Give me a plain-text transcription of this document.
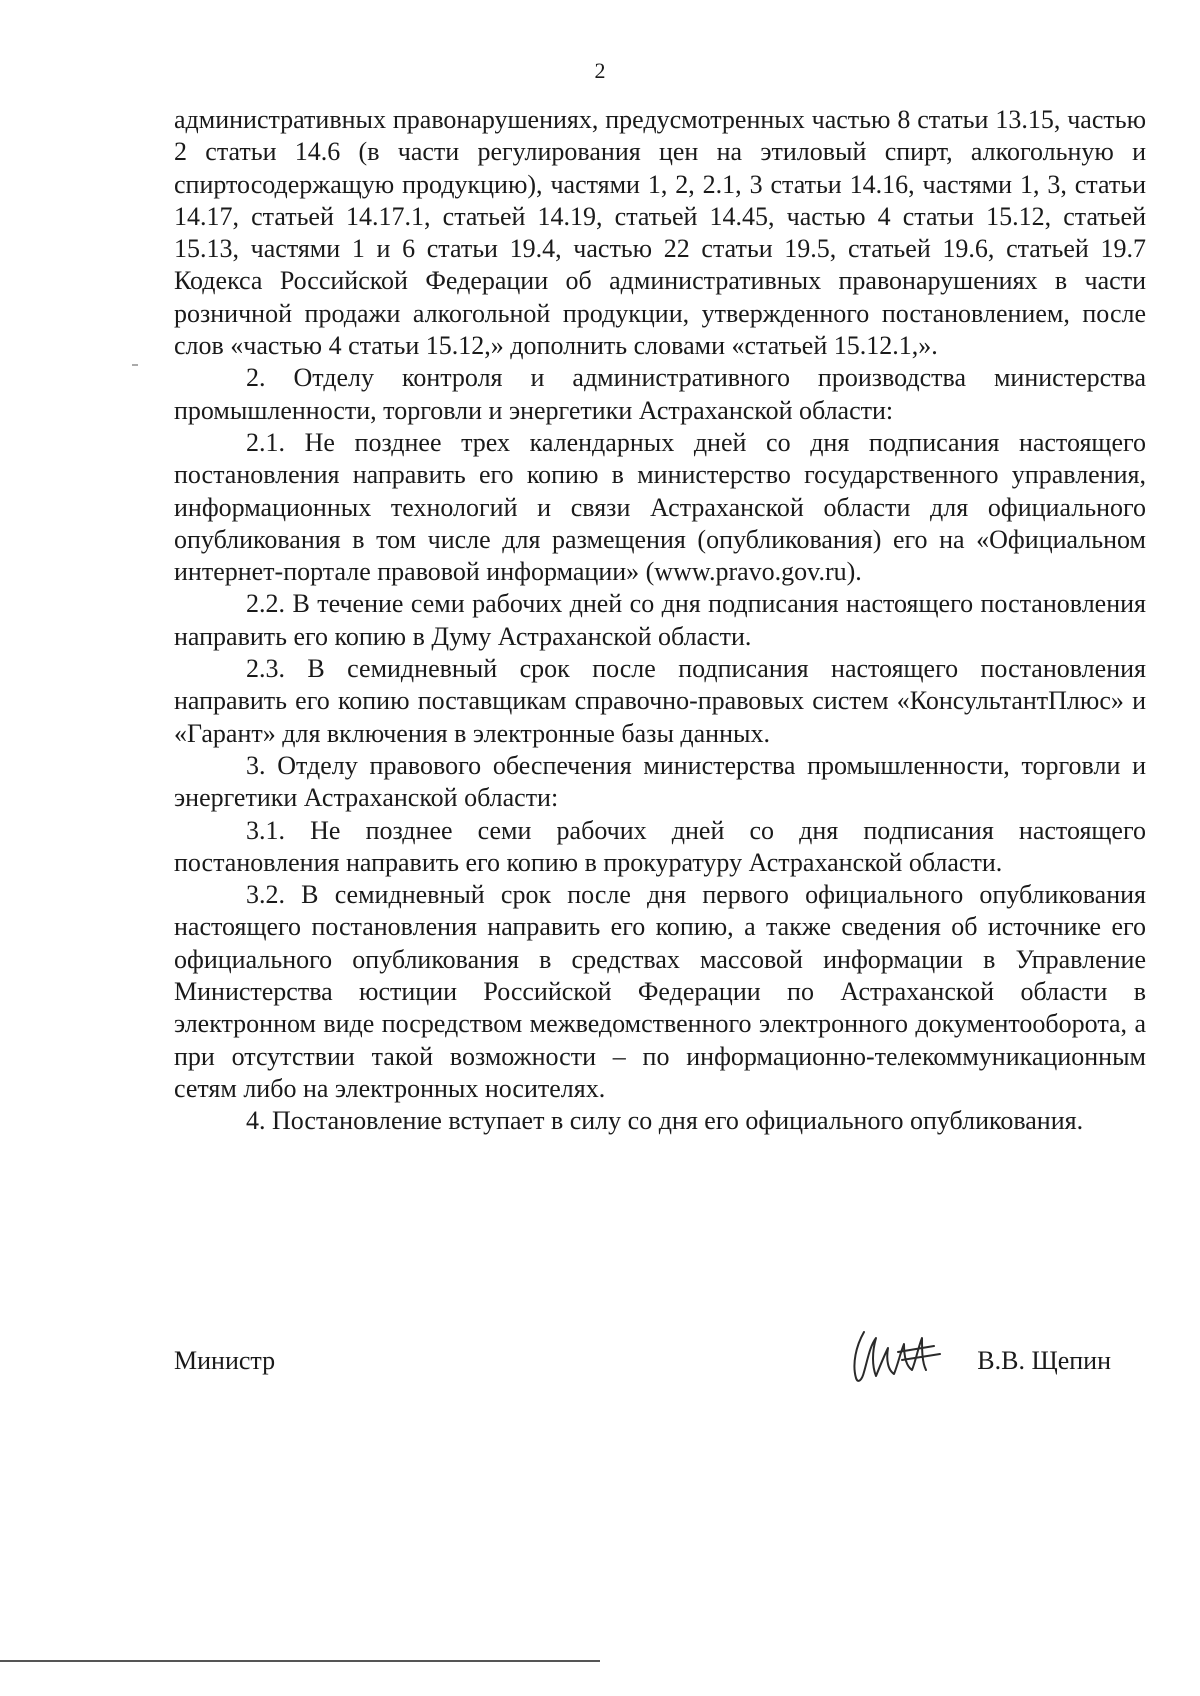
2

административных правонарушениях, предусмотренных частью 8 статьи 13.15, частью 2 статьи 14.6 (в части регулирования цен на этиловый спирт, алкогольную и спиртосодержащую продукцию), частями 1, 2, 2.1, 3 статьи 14.16, частями 1, 3, статьи 14.17, статьей 14.17.1, статьей 14.19, статьей 14.45, частью 4 статьи 15.12, статьей 15.13, частями 1 и 6 статьи 19.4, частью 22 статьи 19.5, статьей 19.6, статьей 19.7 Кодекса Российской Федерации об административных правонарушениях в части розничной продажи алкогольной продукции, утвержденного постановлением, после слов «частью 4 статьи 15.12,» дополнить словами «статьей 15.12.1,».

2. Отделу контроля и административного производства министерства промышленности, торговли и энергетики Астраханской области:

2.1. Не позднее трех календарных дней со дня подписания настоящего постановления направить его копию в министерство государственного управления, информационных технологий и связи Астраханской области для официального опубликования в том числе для размещения (опубликования) его на «Официальном интернет-портале правовой информации» (www.pravo.gov.ru).

2.2. В течение семи рабочих дней со дня подписания настоящего постановления направить его копию в Думу Астраханской области.

2.3. В семидневный срок после подписания настоящего постановления направить его копию поставщикам справочно-правовых систем «КонсультантПлюс» и «Гарант» для включения в электронные базы данных.

3. Отделу правового обеспечения министерства промышленности, торговли и энергетики Астраханской области:

3.1. Не позднее семи рабочих дней со дня подписания настоящего постановления направить его копию в прокуратуру Астраханской области.

3.2. В семидневный срок после дня первого официального опубликования настоящего постановления направить его копию, а также сведения об источнике его официального опубликования в средствах массовой информации в Управление Министерства юстиции Российской Федерации по Астраханской области в электронном виде посредством межведомственного электронного документооборота, а при отсутствии такой возможности – по информационно-телекоммуникационным сетям либо на электронных носителях.

4. Постановление вступает в силу со дня его официального опубликования.

Министр	В.В. Щепин
